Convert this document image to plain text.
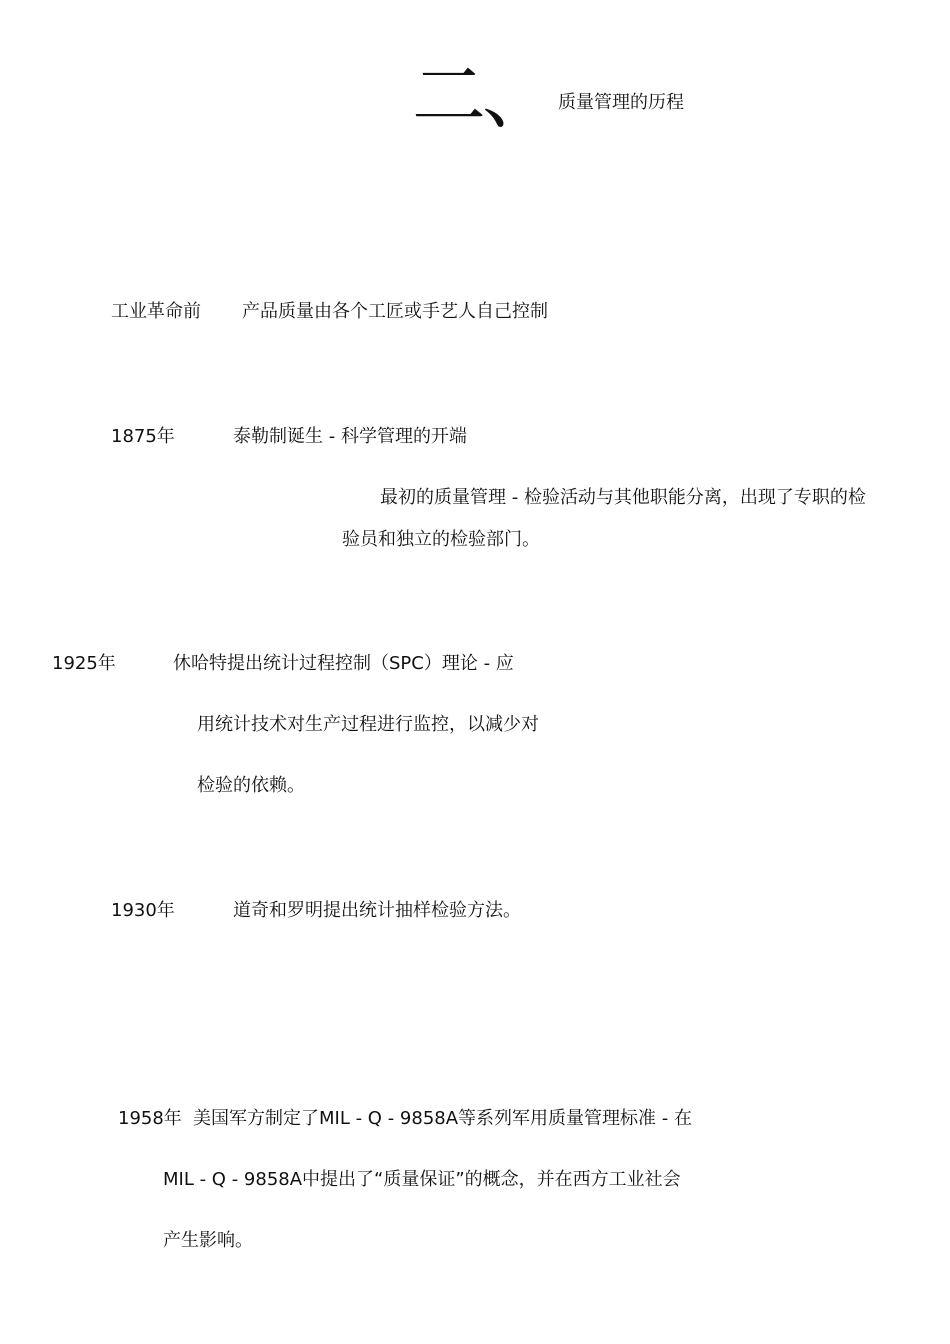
二、 质量管理的历程
工业革命前 产品质量由各个工匠或手艺人自己控制
1875年	泰勒制诞生 - 科学管理的开端
最初的质量管理 - 检验活动与其他职能分离，出现了专职的检
验员和独立的检验部门。
1925年	休哈特提出统计过程控制（SPC）理论 - 应
用统计技术对生产过程进行监控，以减少对
检验的依赖。
1930年	道奇和罗明提出统计抽样检验方法。
1958年 美国军方制定了MIL - Q - 9858A等系列军用质量管理标准 - 在
MIL - Q - 9858A中提出了“质量保证”的概念，并在西方工业社会
产生影响。
